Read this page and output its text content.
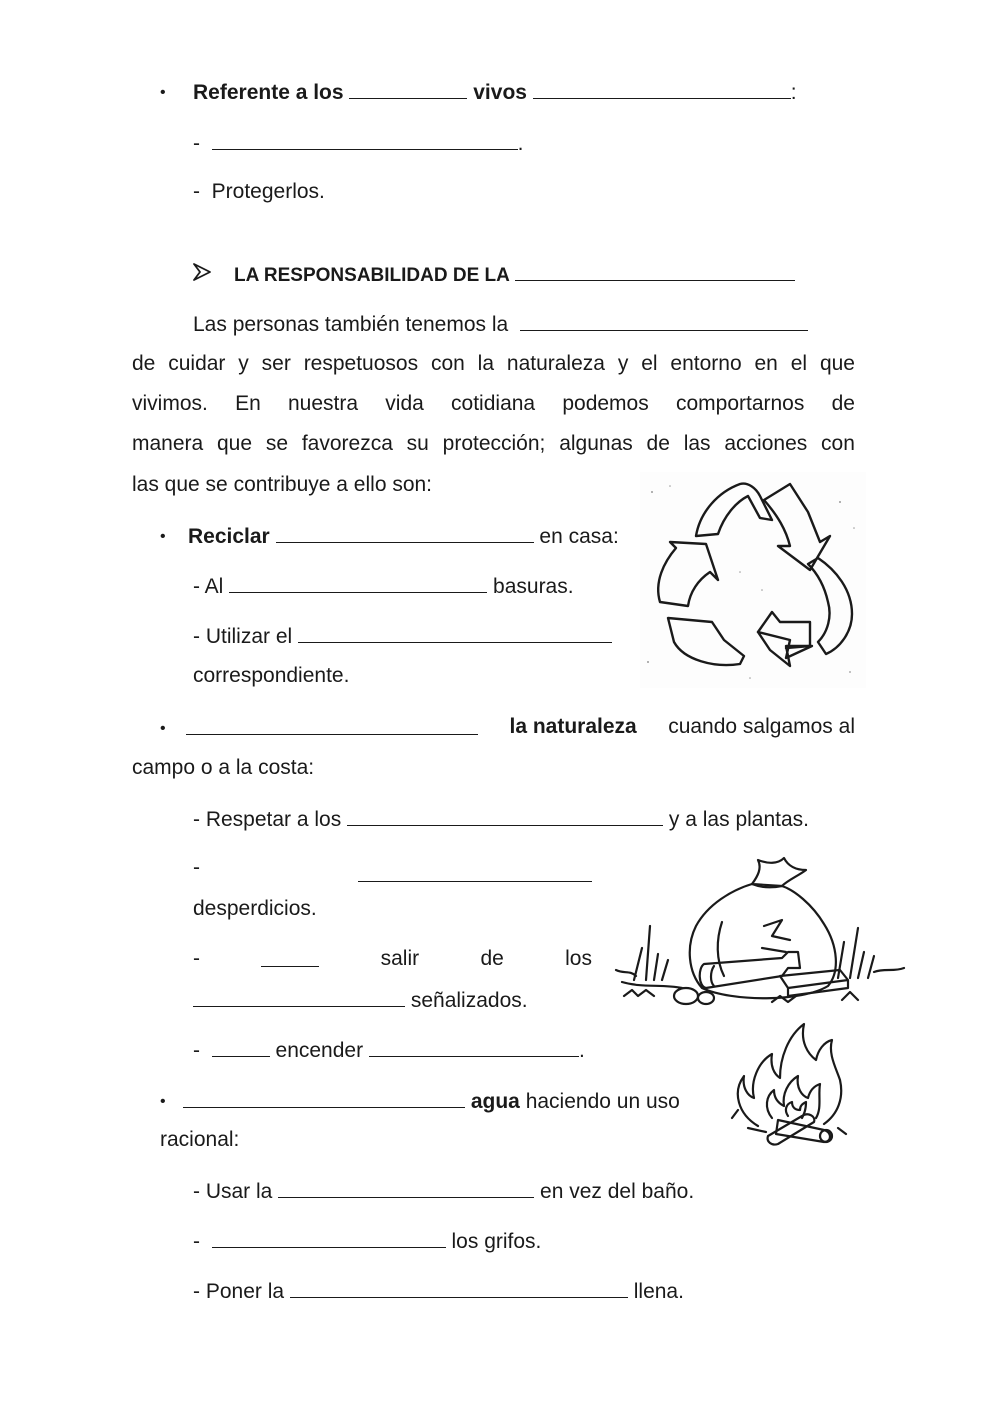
• Referente a los	vivos	:
-	.
- Protegerlos.
LA RESPONSABILIDAD DE LA
Las personas también tenemos la
de cuidar y ser respetuosos con la naturaleza y el entorno en el que
vivimos. En nuestra vida cotidiana podemos comportarnos de
manera que se favorezca su protección; algunas de las acciones con
las que se contribuye a ello son:
• Reciclar	en casa:
- Al	basuras.
- Utilizar el
correspondiente.
•	la naturaleza cuando salgamos al
campo o a la costa:
- Respetar a los	y a las plantas.
-
desperdicios.
-	salir	de	los
señalizados.
-	encender	.
•	agua haciendo un uso
racional:
- Usar la	en vez del baño.
-	los grifos.
- Poner la	llena.
